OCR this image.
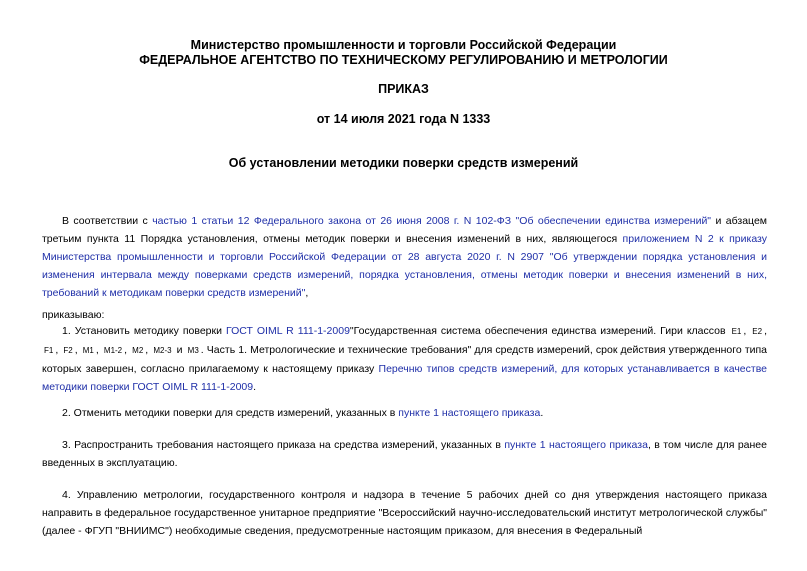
Министерство промышленности и торговли Российской Федерации
ФЕДЕРАЛЬНОЕ АГЕНТСТВО ПО ТЕХНИЧЕСКОМУ РЕГУЛИРОВАНИЮ И МЕТРОЛОГИИ
ПРИКАЗ
от 14 июля 2021 года N 1333
Об установлении методики поверки средств измерений
В соответствии с частью 1 статьи 12 Федерального закона от 26 июня 2008 г. N 102-ФЗ "Об обеспечении единства измерений" и абзацем третьим пункта 11 Порядка установления, отмены методик поверки и внесения изменений в них, являющегося приложением N 2 к приказу Министерства промышленности и торговли Российской Федерации от 28 августа 2020 г. N 2907 "Об утверждении порядка установления и изменения интервала между поверками средств измерений, порядка установления, отмены методик поверки и внесения изменений в них, требований к методикам поверки средств измерений",
приказываю:
1. Установить методику поверки ГОСТ OIML R 111-1-2009"Государственная система обеспечения единства измерений. Гири классов E1 , E2 , F1 , F2 , M1 , M1-2 , M2 , M2-3 и M3 . Часть 1. Метрологические и технические требования" для средств измерений, срок действия утвержденного типа которых завершен, согласно прилагаемому к настоящему приказу Перечню типов средств измерений, для которых устанавливается в качестве методики поверки ГОСТ OIML R 111-1-2009.
2. Отменить методики поверки для средств измерений, указанных в пункте 1 настоящего приказа.
3. Распространить требования настоящего приказа на средства измерений, указанных в пункте 1 настоящего приказа, в том числе для ранее введенных в эксплуатацию.
4. Управлению метрологии, государственного контроля и надзора в течение 5 рабочих дней со дня утверждения настоящего приказа направить в федеральное государственное унитарное предприятие "Всероссийский научно-исследовательский институт метрологической службы" (далее - ФГУП "ВНИИМС") необходимые сведения, предусмотренные настоящим приказом, для внесения в Федеральный
